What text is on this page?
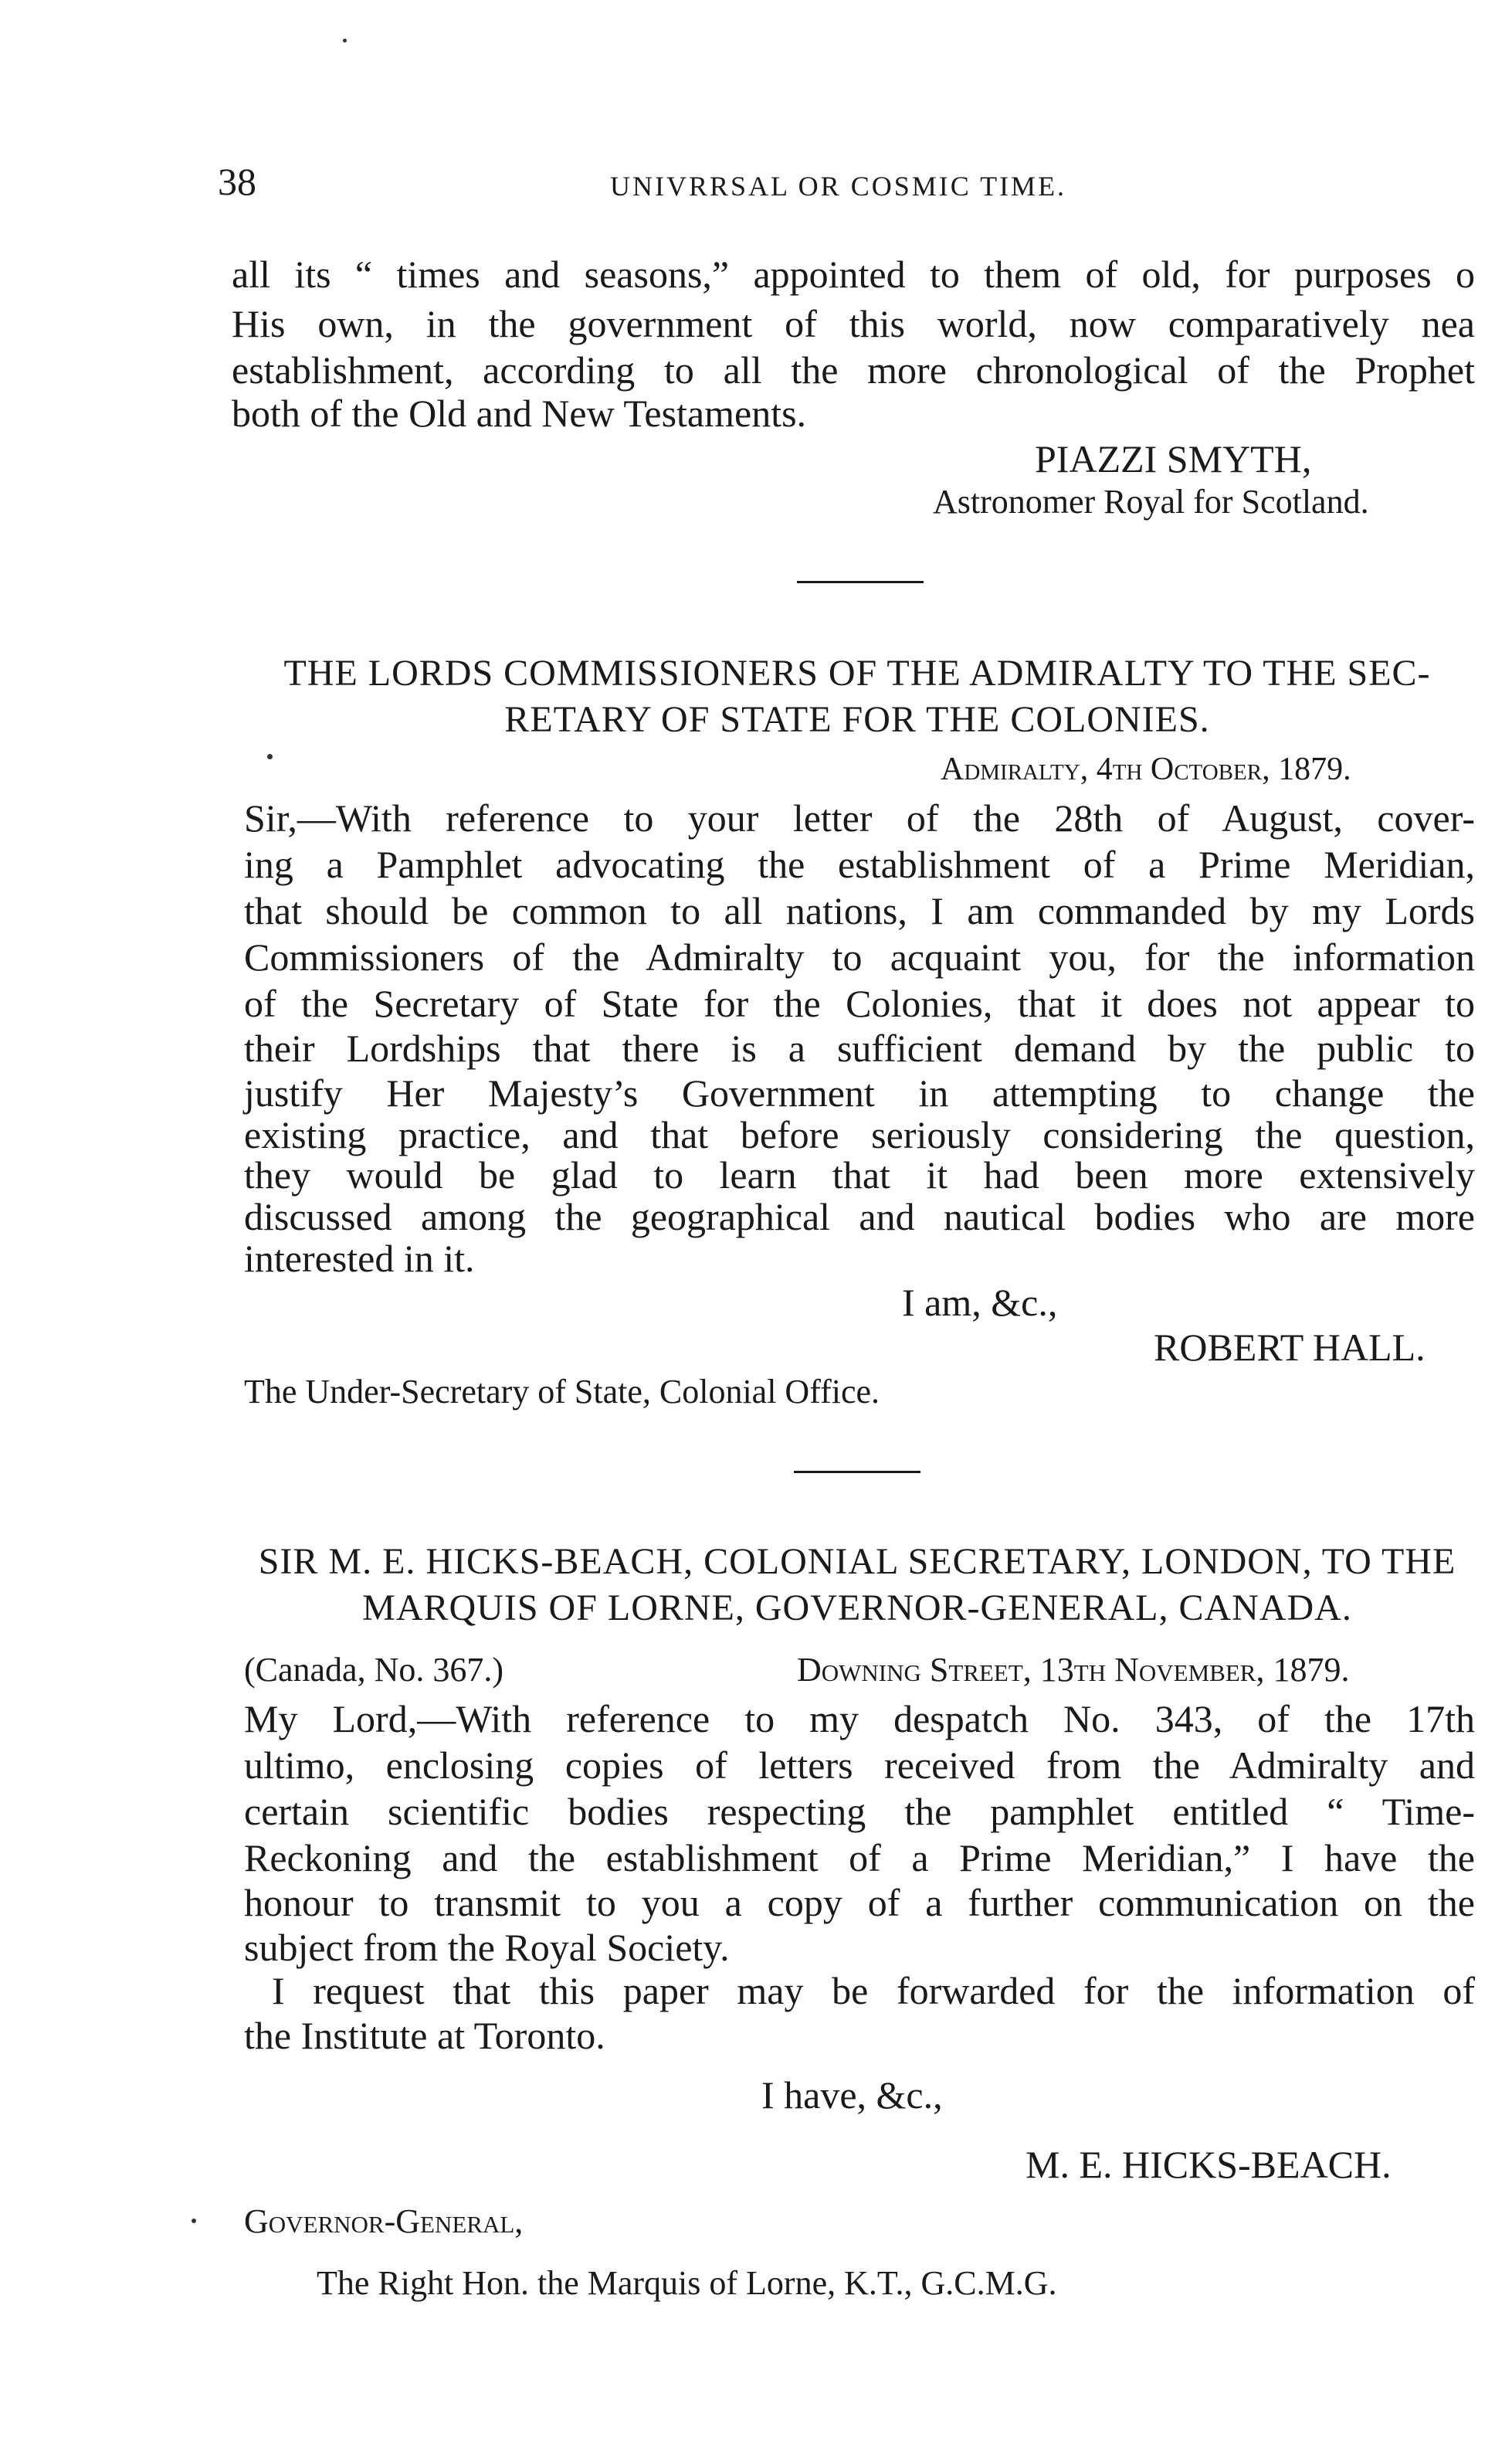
38	UNIVRRSAL OR COSMIC TIME.
all its “ times and seasons,” appointed to them of old, for purposes o
His own, in the government of this world, now comparatively nea
establishment, according to all the more chronological of the Prophet
both of the Old and New Testaments.
PIAZZI SMYTH,
Astronomer Royal for Scotland.
THE LORDS COMMISSIONERS OF THE ADMIRALTY TO THE SEC-
RETARY OF STATE FOR THE COLONIES.
Admiralty, 4th October, 1879.
Sir,—With reference to your letter of the 28th of August, cover-
ing a Pamphlet advocating the establishment of a Prime Meridian,
that should be common to all nations, I am commanded by my Lords
Commissioners of the Admiralty to acquaint you, for the information
of the Secretary of State for the Colonies, that it does not appear to
their Lordships that there is a sufficient demand by the public to
justify Her Majesty’s Government in attempting to change the
existing practice, and that before seriously considering the question,
they would be glad to learn that it had been more extensively
discussed among the geographical and nautical bodies who are more
interested in it.
I am, &c.,
ROBERT HALL.
The Under-Secretary of State, Colonial Office.
SIR M. E. HICKS-BEACH, COLONIAL SECRETARY, LONDON, TO THE
MARQUIS OF LORNE, GOVERNOR-GENERAL, CANADA.
(Canada, No. 367.)	Downing Street, 13th November, 1879.
My Lord,—With reference to my despatch No. 343, of the 17th
ultimo, enclosing copies of letters received from the Admiralty and
certain scientific bodies respecting the pamphlet entitled “ Time-
Reckoning and the establishment of a Prime Meridian,” I have the
honour to transmit to you a copy of a further communication on the
subject from the Royal Society.
I request that this paper may be forwarded for the information of
the Institute at Toronto.
I have, &c.,
M. E. HICKS-BEACH.
Governor-General,
The Right Hon. the Marquis of Lorne, K.T., G.C.M.G.
